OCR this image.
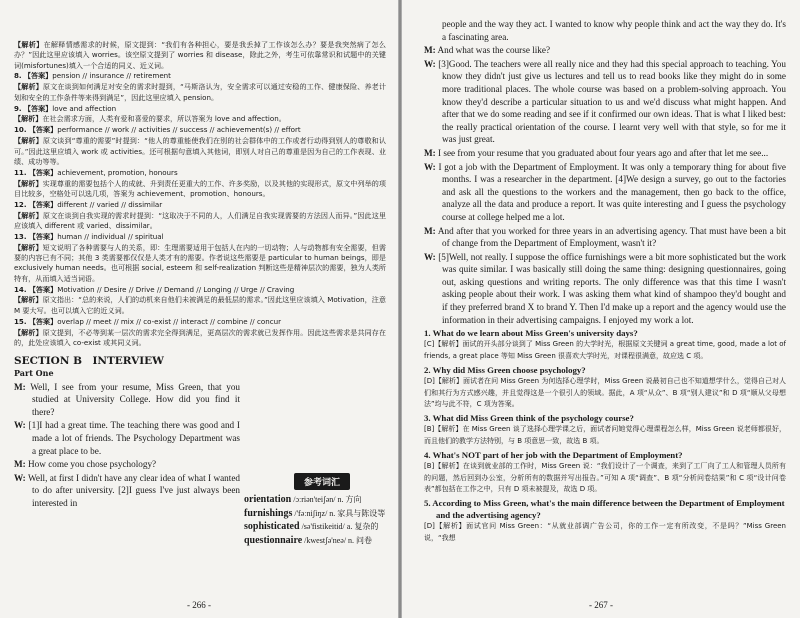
【解析】在解释情感需求的时候，原文提到：“我们有各种担心，要是我丢掉了工作该怎么办？要是我突然病了怎么办？”因此这里应该填入 worries。该空原文提到了 worries 和 disease，除此之外，考生可依靠常识和试题中的关键词(misfortunes)填入一个合适的同义、近义词。
8. 【答案】pension // insurance // retirement
【解析】原文在谈到如何满足对安全的需求时提到，“马斯洛认为，安全需求可以通过安稳的工作、健康保险、养老计划和安全的工作条件等来得到满足”，因此这里应填入 pension。
9. 【答案】love and affection
【解析】在社会需求方面，人类有爱和喜爱的要求，所以答案为 love and affection。
10. 【答案】performance // work // activities // success // achievement(s) // effort
【解析】原文谈到“尊重的需要”时提到：“他人的尊重能使我们在别的社会群体中的工作或者行动得到别人的尊敬和认可。”因此这里应填入 work 或 activities。还可根据句意填入其他词，即别人对自己的尊重是因为自己的工作表现、业绩、成功等等。
11. 【答案】achievement, promotion, honours
【解析】实现尊重的需要包括个人的成就、升到责任更重大的工作、许多奖励，以及其他的实现形式，原文中列举的项目比较多，空格处可以选几项，答案为 achievement、promotion、honours。
12. 【答案】different // varied // dissimilar
【解析】原文在谈到自我实现的需求时提到：“这取决于不同的人，人们满足自我实现需要的方法因人而异。”因此这里应该填入 different 或 varied、dissimilar。
13. 【答案】human // individual // spiritual
【解析】短文说明了各种需要与人的关系，即：生理需要适用于包括人在内的一切动物；人与动物都有安全需要，但需要的内容已有不同；其他 3 类需要都仅仅是人类才有的需要。作者说这些需要是 particular to human beings，即是 exclusively human needs。也可根据 social, esteem 和 self-realization 判断这些是精神层次的需要，独为人类所特有，从而填入适当词语。
14. 【答案】Motivation // Desire // Drive // Demand // Longing // Urge // Craving
【解析】原文指出：“总的来说，人们的动机来自他们未被满足的最低层的需求。”因此这里应该填入 Motivation，注意 M 要大写。也可以填入它的近义词。
15. 【答案】overlap // meet // mix // co-exist // interact // combine // concur
【解析】原文提到，不必等到某一层次的需求完全得到满足，更高层次的需求就已发挥作用。因此这些需求是共同存在的，此处应该填入 co-exist 或其同义词。
SECTION B　INTERVIEW
Part One
M: Well, I see from your resume, Miss Green, that you studied at University College. How did you find it there?
W: [1]I had a great time. The teaching there was good and I made a lot of friends. The Psychology Department was a great place to be.
M: How come you chose psychology?
W: Well, at first I didn't have any clear idea of what I wanted to do after university. [2]I guess I've just always been interested in
参考词汇
orientation /ɔːriən'teiʃən/ n. 方向
furnishings /'fəːniʃiŋz/ n. 家具与陈设等
sophisticated /sə'fistikeitid/ a. 复杂的
questionnaire /kwestʃə'neə/ n. 问卷
- 266 -
people and the way they act. I wanted to know why people think and act the way they do. It's a fascinating area.
M: And what was the course like?
W: [3]Good. The teachers were all really nice and they had this special approach to teaching. You know they didn't just give us lectures and tell us to read books like they might do in some more traditional places. The whole course was based on a problem-solving approach. You know they'd describe a particular situation to us and we'd discuss what might happen. And after that we do some reading and see if it confirmed our own ideas. That is what I liked best: the really practical orientation of the course. I learnt very well with that style, so for me it was just great.
M: I see from your resume that you graduated about four years ago and after that let me see...
W: I got a job with the Department of Employment. It was only a temporary thing for about five months. I was a researcher in the department. [4]We design a survey, go out to the factories and ask all the questions to the workers and the management, then go back to the office, analyze all the data and produce a report. It was quite interesting and I guess the psychology course at college helped me a lot.
M: And after that you worked for three years in an advertising agency. That must have been a bit of change from the Department of Employment, wasn't it?
W: [5]Well, not really. I suppose the office furnishings were a bit more sophisticated but the work was quite similar. I was basically still doing the same thing: designing questionnaires, going out, asking questions and writing reports. The only difference was that this time I wasn't asking people about their work. I was asking them what kind of shampoo they'd bought and if they preferred brand X to brand Y. Then I'd make up a report and the agency would use the information in their advertising campaigns. I enjoyed my work a lot.
1. What do we learn about Miss Green's university days?
[C]【解析】面试的开头部分谈到了 Miss Green 的大学时光，根据原文关键词 a great time, good, made a lot of friends, a great place 等知 Miss Green 很喜欢大学时光，对课程很满意，故应选 C 项。
2. Why did Miss Green choose psychology?
[D]【解析】面试者在问 Miss Green 为何选择心理学时，Miss Green 说最初自己也不知道想学什么，觉得自己对人们和其行为方式感兴趣，并且觉得这是一个很引人的领域。据此，A 项“从众”、B 项“别人建议”和 D 项“顺从父母想法”均与此不符，C 项为答案。
3. What did Miss Green think of the psychology course?
[B]【解析】在 Miss Green 谈了选择心理学课之后，面试者问她觉得心理课程怎么样，Miss Green 说老师都很好，而且他们的教学方法特别，与 B 项意思一致，故选 B 项。
4. What's NOT part of her job with the Department of Employment?
[B]【解析】在谈到就业部的工作时，Miss Green 说：“我们设计了一个调查，来到了工厂向了工人和管理人员所有的问题，然后回到办公室，分析所有的数据并写出报告。”可知 A 项“调查”、B 项“分析问卷结果”和 C 项“设计问卷表”都包括在工作之中，只有 D 项未被提及，故选 D 项。
5. According to Miss Green, what's the main difference between the Department of Employment and the advertising agency?
[D]【解析】面试官问 Miss Green：“从就业部调广告公司，你的工作一定有所改变，不是吗？”Miss Green 说，“我想
- 267 -
